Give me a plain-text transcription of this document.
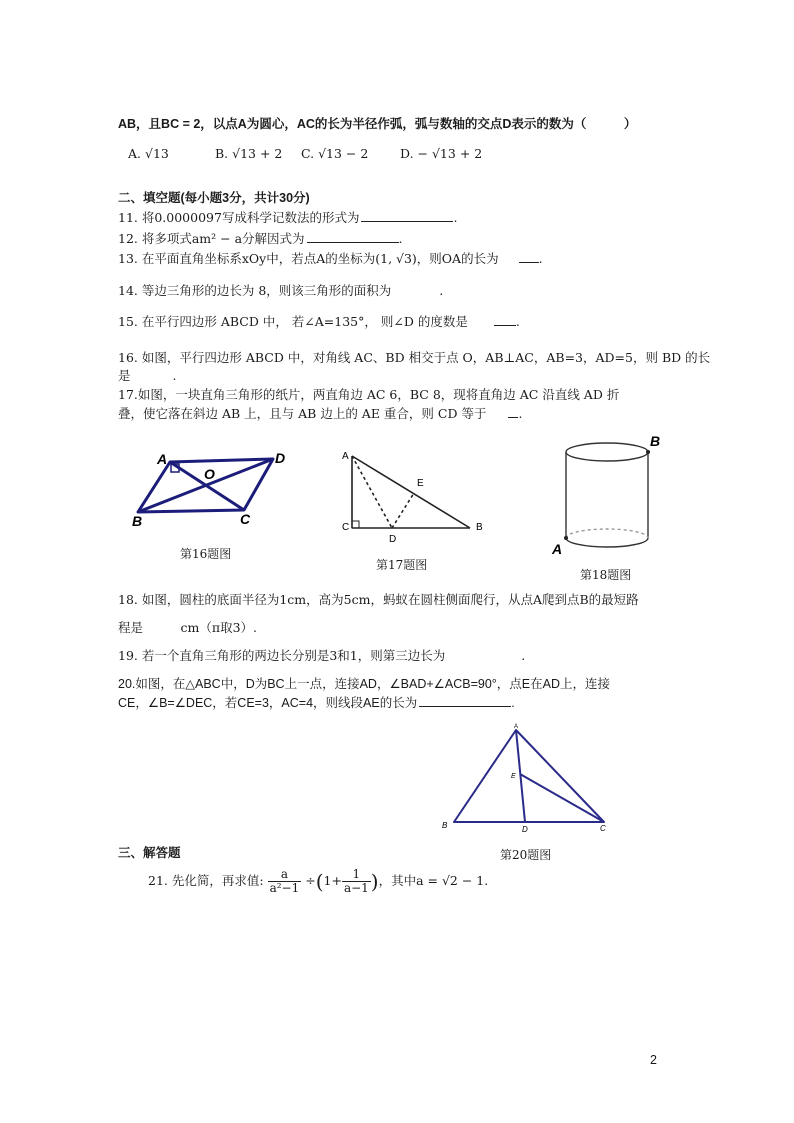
AB，且BC = 2，以点A为圆心，AC的长为半径作弧，弧与数轴的交点D表示的数为（　　　）
A. √13	B. √13 + 2 C. √13 − 2	D. − √13 + 2
二、填空题(每小题3分，共计30分)
11. 将0.0000097写成科学记数法的形式为	.
12. 将多项式am² − a分解因式为	.
13. 在平面直角坐标系xOy中，若点A的坐标为(1, √3)，则OA的长为	.
14. 等边三角形的边长为 8，则该三角形的面积为	.
15. 在平行四边形 ABCD 中， 若∠A=135°， 则∠D 的度数是	.
16. 如图，平行四边形 ABCD 中，对角线 AC、BD 相交于点 O，AB⊥AC，AB=3，AD=5，则 BD 的长
是	.
17.如图，一块直角三角形的纸片，两直角边 AC 6，BC 8，现将直角边 AC 沿直线 AD 折
叠，使它落在斜边 AB 上，且与 AB 边上的 AE 重合，则 CD 等于	.
A	D
O
B	C
第16题图
A
C	B
D
E
第17题图
B
A
第18题图
18. 如图，圆柱的底面半径为1cm，高为5cm，蚂蚁在圆柱侧面爬行，从点A爬到点B的最短路
程是　　　cm（π取3）.
19. 若一个直角三角形的两边长分别是3和1，则第三边长为	.
20.如图，在△ABC中，D为BC上一点，连接AD，∠BAD+∠ACB=90°，点E在AD上，连接
CE，∠B=∠DEC，若CE=3，AC=4，则线段AE的长为	.
A
B	C
D
E
三、解答题	第20题图
21. 先化简，再求值: $\frac{a}{\text{a²−1}} \div(1+ \frac{1}{a-1}$ )，其中a = √2 − 1.
2
